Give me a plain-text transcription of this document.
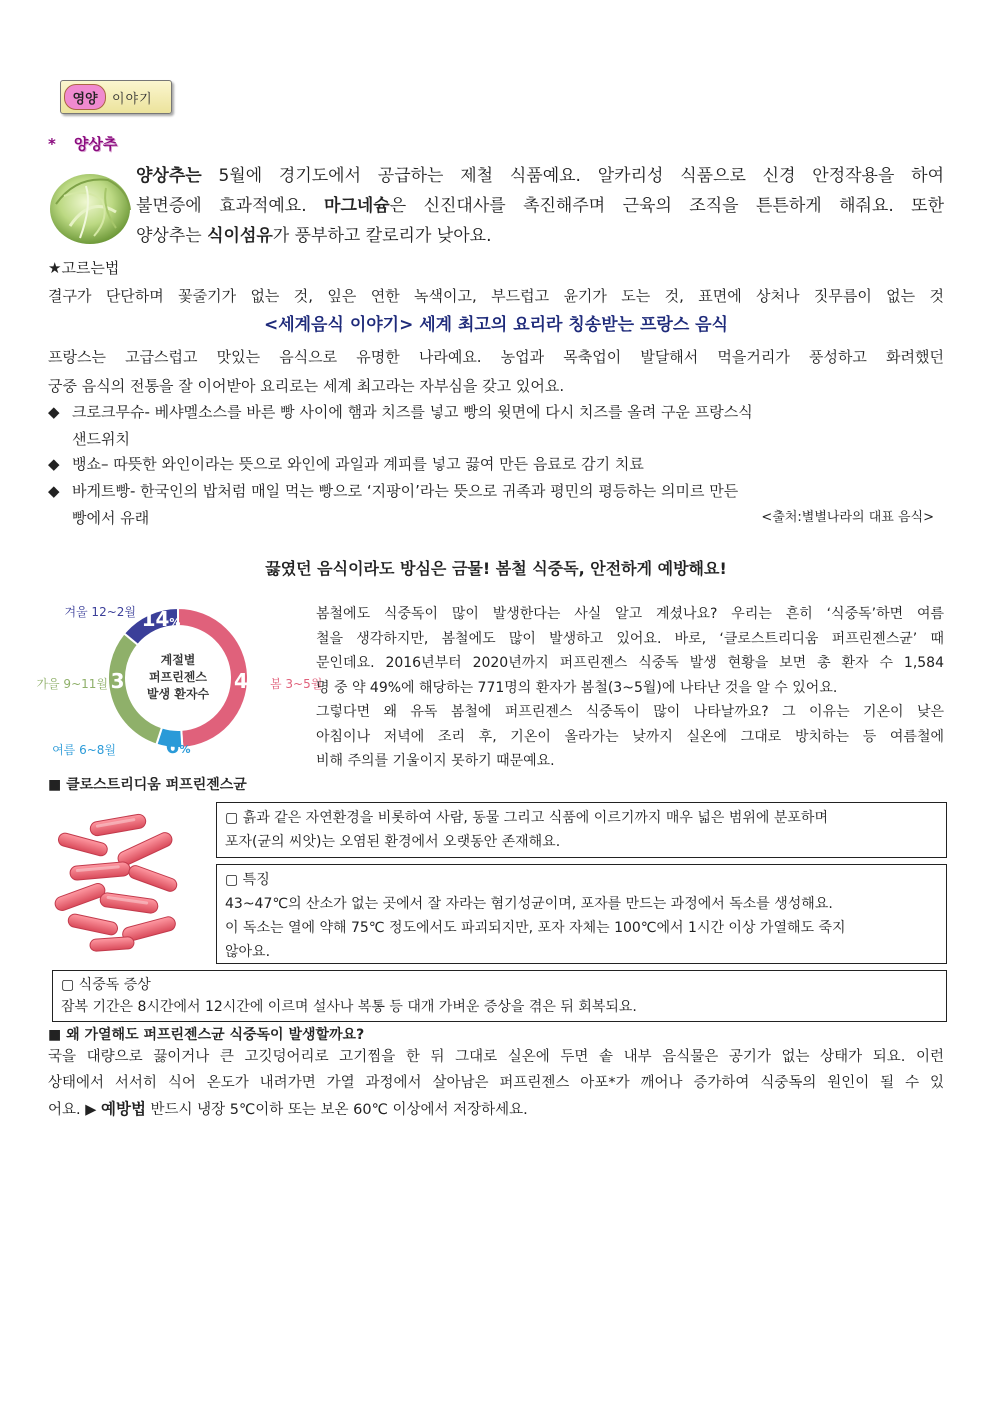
영양	이야기
* 양상추

양상추는 5월에 경기도에서 공급하는 제철 식품예요. 알카리성 식품으로 신경 안정작용을 하여

불면증에 효과적예요. 마그네슘은 신진대사를 촉진해주며 근육의 조직을 튼튼하게 해줘요. 또한

양상추는 식이섬유가 풍부하고 칼로리가 낮아요.

★고르는법
결구가 단단하며 꽃줄기가 없는 것, 잎은 연한 녹색이고, 부드럽고 윤기가 도는 것, 표면에 상처나 짓무름이 없는 것
<세계음식 이야기> 세계 최고의 요리라 칭송받는 프랑스 음식
프랑스는 고급스럽고 맛있는 음식으로 유명한 나라예요. 농업과 목축업이 발달해서 먹을거리가 풍성하고 화려했던
궁중 음식의 전통을 잘 이어받아 요리로는 세계 최고라는 자부심을 갖고 있어요.
◆ 크로크무슈- 베샤멜소스를 바른 빵 사이에 햄과 치즈를 넣고 빵의 윗면에 다시 치즈를 올려 구운 프랑스식
샌드위치
◆ 뱅쇼– 따뜻한 와인이라는 뜻으로 와인에 과일과 계피를 넣고 끓여 만든 음료로 감기 치료
◆ 바게트빵- 한국인의 밥처럼 매일 먹는 빵으로 ‘지팡이’라는 뜻으로 귀족과 평민의 평등하는 의미르 만든
빵에서 유래	<출처:별별나라의 대표 음식>
끓였던 음식이라도 방심은 금물! 봄철 식중독, 안전하게 예방해요!
49%
봄 3~5월
6%
여름 6~8월
31%
가을 9~11월
14%
겨울 12~2월
계절별
퍼프린젠스
발생 환자수
봄철에도 식중독이 많이 발생한다는 사실 알고 계셨나요? 우리는 흔히 ‘식중독’하면 여름
철을 생각하지만, 봄철에도 많이 발생하고 있어요. 바로, ‘클로스트리디움 퍼프린젠스균’ 때
문인데요. 2016년부터 2020년까지 퍼프린젠스 식중독 발생 현황을 보면 총 환자 수 1,584
명 중 약 49%에 해당하는 771명의 환자가 봄철(3~5월)에 나타난 것을 알 수 있어요.
그렇다면 왜 유독 봄철에 퍼프린젠스 식중독이 많이 나타날까요? 그 이유는 기온이 낮은
아침이나 저녁에 조리 후, 기온이 올라가는 낮까지 실온에 그대로 방치하는 등 여름철에
비해 주의를 기울이지 못하기 때문예요.
■ 클로스트리디움 퍼프린젠스균
▢ 흙과 같은 자연환경을 비롯하여 사람, 동물 그리고 식품에 이르기까지 매우 넓은 범위에 분포하며
포자(균의 씨앗)는 오염된 환경에서 오랫동안 존재해요.
▢ 특징
43~47℃의 산소가 없는 곳에서 잘 자라는 혐기성균이며, 포자를 만드는 과정에서 독소를 생성해요.
이 독소는 열에 약해 75℃ 정도에서도 파괴되지만, 포자 자체는 100℃에서 1시간 이상 가열해도 죽지
않아요.
▢ 식중독 증상
잠복 기간은 8시간에서 12시간에 이르며 설사나 복통 등 대개 가벼운 증상을 겪은 뒤 회복되요.
■ 왜 가열해도 퍼프린젠스균 식중독이 발생할까요?
국을 대량으로 끓이거나 큰 고깃덩어리로 고기찜을 한 뒤 그대로 실온에 두면 솥 내부 음식물은 공기가 없는 상태가 되요. 이런
상태에서 서서히 식어 온도가 내려가면 가열 과정에서 살아남은 퍼프린젠스 아포*가 깨어나 증가하여 식중독의 원인이 될 수 있
어요. ▶ 예방법 반드시 냉장 5℃이하 또는 보온 60℃ 이상에서 저장하세요.
